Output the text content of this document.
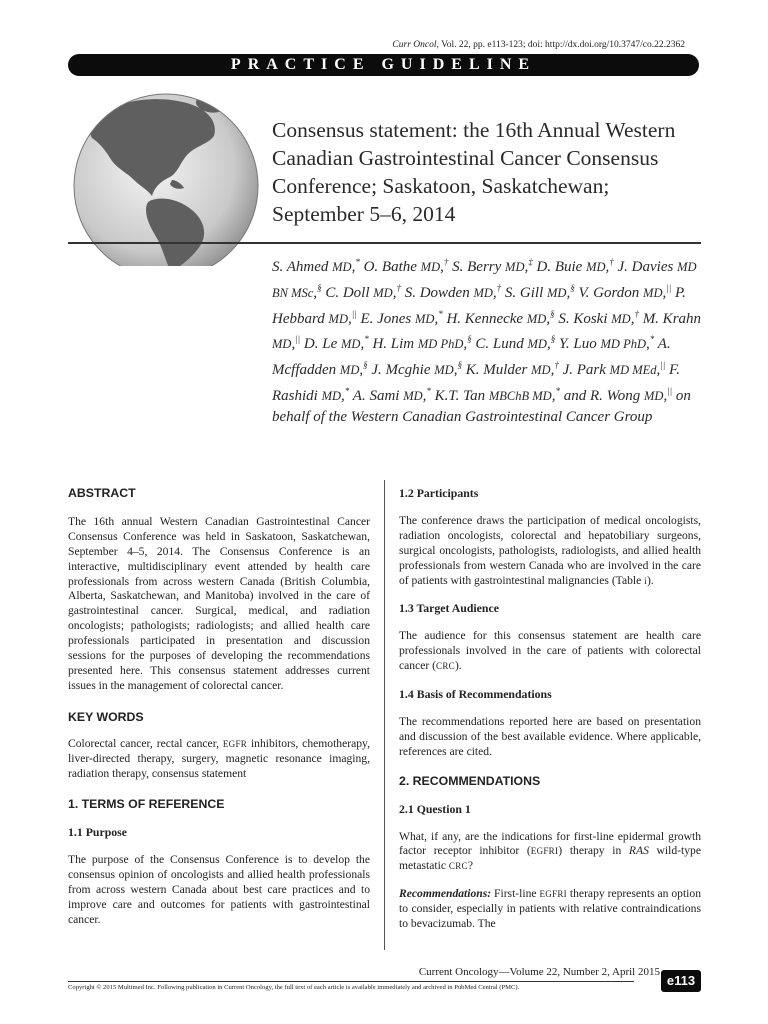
Curr Oncol, Vol. 22, pp. e113-123; doi: http://dx.doi.org/10.3747/co.22.2362
PRACTICE GUIDELINE
Consensus statement: the 16th Annual Western Canadian Gastrointestinal Cancer Consensus Conference; Saskatoon, Saskatchewan; September 5–6, 2014

S. Ahmed MD,* O. Bathe MD,† S. Berry MD,‡ D. Buie MD,† J. Davies MD BN MSc,§ C. Doll MD,† S. Dowden MD,† S. Gill MD,§ V. Gordon MD,|| P. Hebbard MD,|| E. Jones MD,* H. Kennecke MD,§ S. Koski MD,† M. Krahn MD,|| D. Le MD,* H. Lim MD PhD,§ C. Lund MD,§ Y. Luo MD PhD,* A. Mcffadden MD,§ J. Mcghie MD,§ K. Mulder MD,† J. Park MD MEd,|| F. Rashidi MD,* A. Sami MD,* K.T. Tan MBChB MD,* and R. Wong MD,|| on behalf of the Western Canadian Gastrointestinal Cancer Group

ABSTRACT

The 16th annual Western Canadian Gastrointestinal Cancer Consensus Conference was held in Saskatoon, Saskatchewan, September 4–5, 2014. The Consensus Conference is an interactive, multidisciplinary event attended by health care professionals from across western Canada (British Columbia, Alberta, Saskatchewan, and Manitoba) involved in the care of gastrointestinal cancer. Surgical, medical, and radiation oncologists; pathologists; radiologists; and allied health care professionals participated in presentation and discussion sessions for the purposes of developing the recommendations presented here. This consensus statement addresses current issues in the management of colorectal cancer.

KEY WORDS

Colorectal cancer, rectal cancer, EGFR inhibitors, chemotherapy, liver-directed therapy, surgery, magnetic resonance imaging, radiation therapy, consensus statement

1. TERMS OF REFERENCE
1.1 Purpose

The purpose of the Consensus Conference is to develop the consensus opinion of oncologists and allied health professionals from across western Canada about best care practices and to improve care and outcomes for patients with gastrointestinal cancer.

1.2 Participants

The conference draws the participation of medical oncologists, radiation oncologists, colorectal and hepatobiliary surgeons, surgical oncologists, pathologists, radiologists, and allied health professionals from western Canada who are involved in the care of patients with gastrointestinal malignancies (Table i).

1.3 Target Audience

The audience for this consensus statement are health care professionals involved in the care of patients with colorectal cancer (CRC).

1.4 Basis of Recommendations

The recommendations reported here are based on presentation and discussion of the best available evidence. Where applicable, references are cited.

2. RECOMMENDATIONS
2.1 Question 1

What, if any, are the indications for first-line epidermal growth factor receptor inhibitor (EGFRI) therapy in RAS wild-type metastatic CRC?

Recommendations: First-line EGFRI therapy represents an option to consider, especially in patients with relative contraindications to bevacizumab. The

Current Oncology—Volume 22, Number 2, April 2015
e113
Copyright © 2015 Multimed Inc. Following publication in Current Oncology, the full text of each article is available immediately and archived in PubMed Central (PMC).
